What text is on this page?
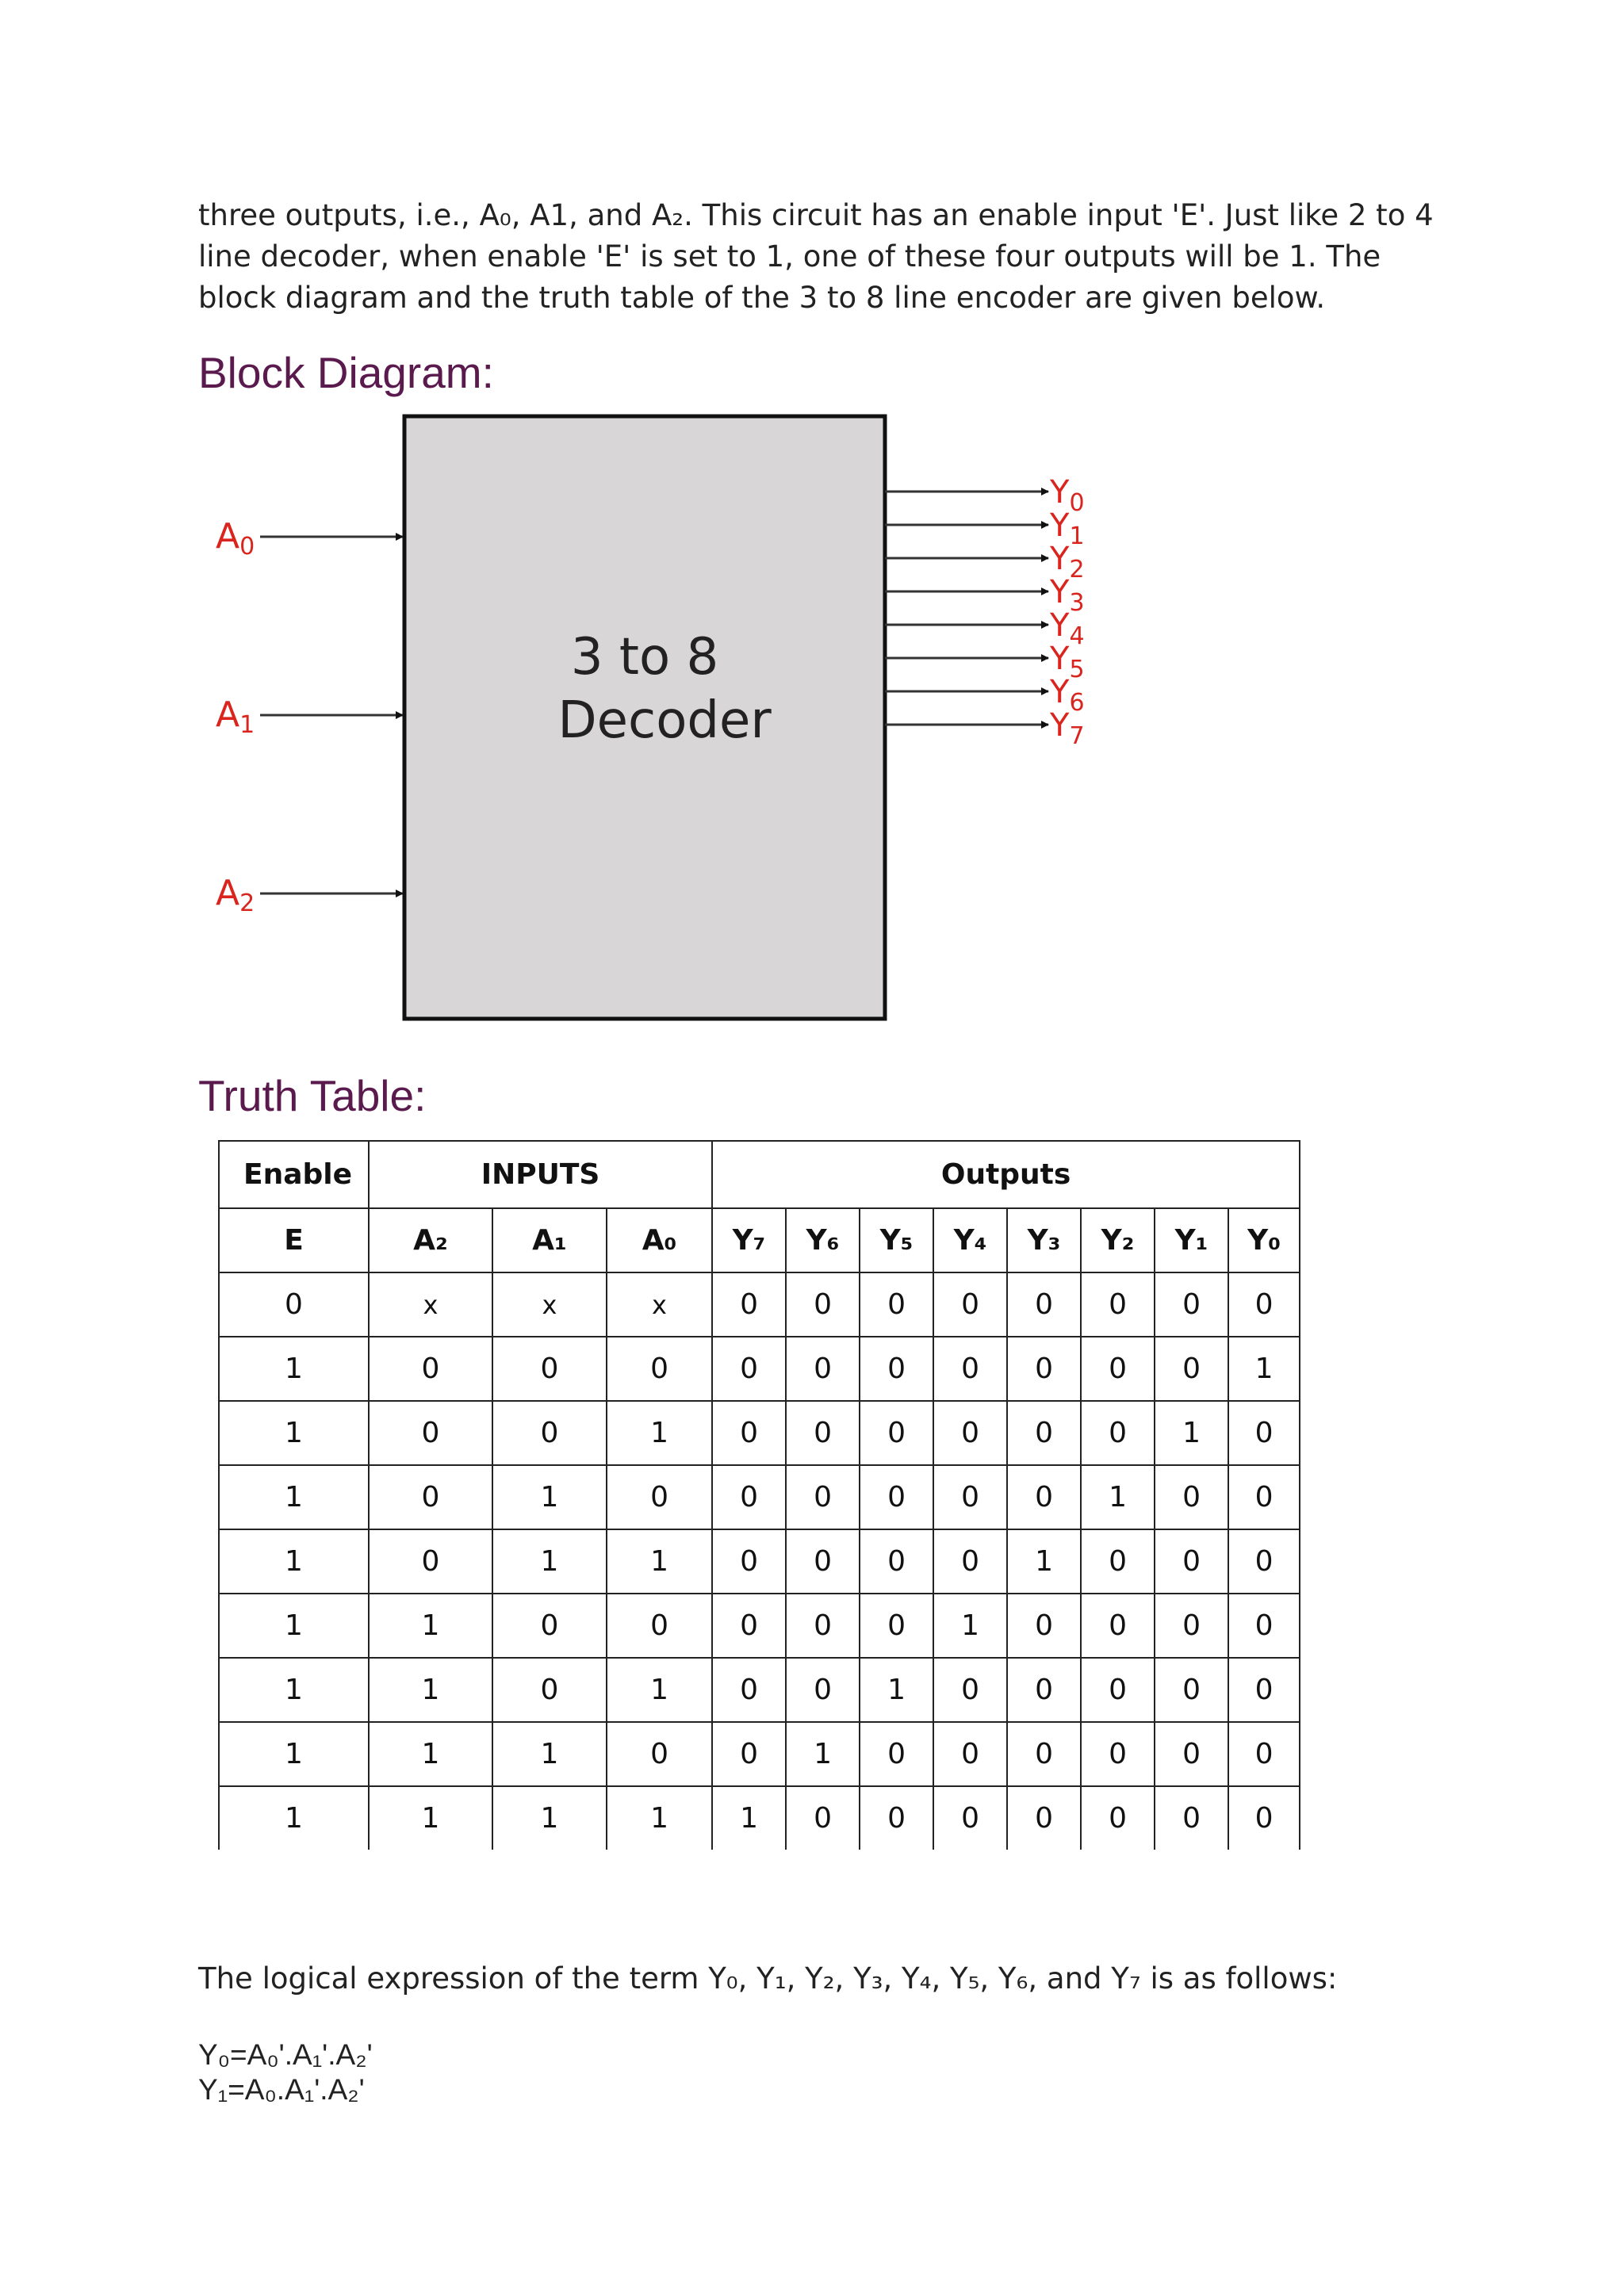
three outputs, i.e., A₀, A1, and A₂. This circuit has an enable input 'E'. Just like 2 to 4 line decoder, when enable 'E' is set to 1, one of these four outputs will be 1. The block diagram and the truth table of the 3 to 8 line encoder are given below.

Block Diagram:
3 to 8
Decoder
A0
A1
A2
$Y_0$
$Y_1$
$Y_2$
$Y_3$
$Y_4$
$Y_5$
$Y_6$
$Y_7$
Truth Table:
Enable	INPUTS			Outputs							
E	A₂	A₁	A₀	Y₇	Y₆	Y₅	Y₄	Y₃	Y₂	Y₁	Y₀
0	x	x	x	0	0	0	0	0	0	0	0
1	0	0	0	0	0	0	0	0	0	0	1
1	0	0	1	0	0	0	0	0	0	1	0
1	0	1	0	0	0	0	0	0	1	0	0
1	0	1	1	0	0	0	0	1	0	0	0
1	1	0	0	0	0	0	1	0	0	0	0
1	1	0	1	0	0	1	0	0	0	0	0
1	1	1	0	0	1	0	0	0	0	0	0
1	1	1	1	1	0	0	0	0	0	0	0

The logical expression of the term Y₀, Y₁, Y₂, Y₃, Y₄, Y₅, Y₆, and Y₇ is as follows:

Y₀=A₀'.A₁'.A₂'

Y₁=A₀.A₁'.A₂'
